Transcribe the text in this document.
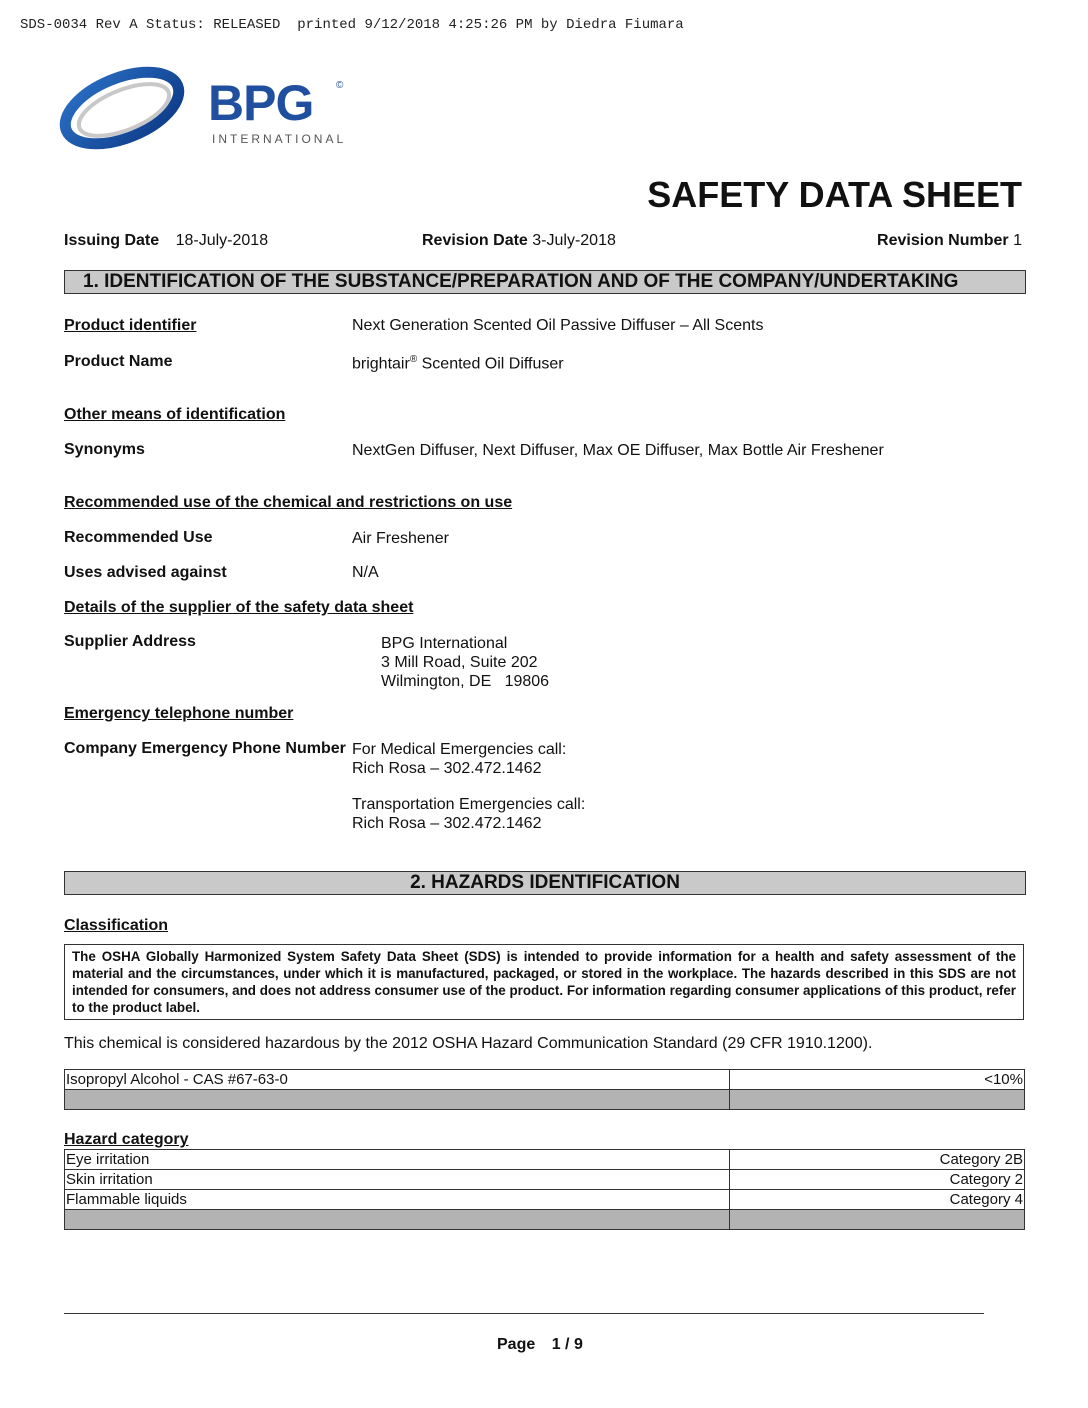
SDS-0034 Rev A Status: RELEASED  printed 9/12/2018 4:25:26 PM by Diedra Fiumara
BPG ©
INTERNATIONAL
SAFETY DATA SHEET
Issuing Date 18-July-2018	Revision Date 3-July-2018	Revision Number 1
1. IDENTIFICATION OF THE SUBSTANCE/PREPARATION AND OF THE COMPANY/UNDERTAKING
Product identifier	Next Generation Scented Oil Passive Diffuser – All Scents
Product Name	brightair® Scented Oil Diffuser
Other means of identification
Synonyms	NextGen Diffuser, Next Diffuser, Max OE Diffuser, Max Bottle Air Freshener
Recommended use of the chemical and restrictions on use
Recommended Use	Air Freshener
Uses advised against	N/A
Details of the supplier of the safety data sheet
Supplier Address	BPG International
3 Mill Road, Suite 202
Wilmington, DE   19806
Emergency telephone number
Company Emergency Phone Number For Medical Emergencies call:
Rich Rosa – 302.472.1462
Transportation Emergencies call:
Rich Rosa – 302.472.1462
2. HAZARDS IDENTIFICATION
Classification
The OSHA Globally Harmonized System Safety Data Sheet (SDS) is intended to provide information for a health and safety assessment of the material and the circumstances, under which it is manufactured, packaged, or stored in the workplace. The hazards described in this SDS are not intended for consumers, and does not address consumer use of the product. For information regarding consumer applications of this product, refer to the product label.
This chemical is considered hazardous by the 2012 OSHA Hazard Communication Standard (29 CFR 1910.1200).
Isopropyl Alcohol - CAS #67-63-0	<10%

Hazard category
Eye irritation	Category 2B
Skin irritation	Category 2
Flammable liquids	Category 4

Page 1 / 9
